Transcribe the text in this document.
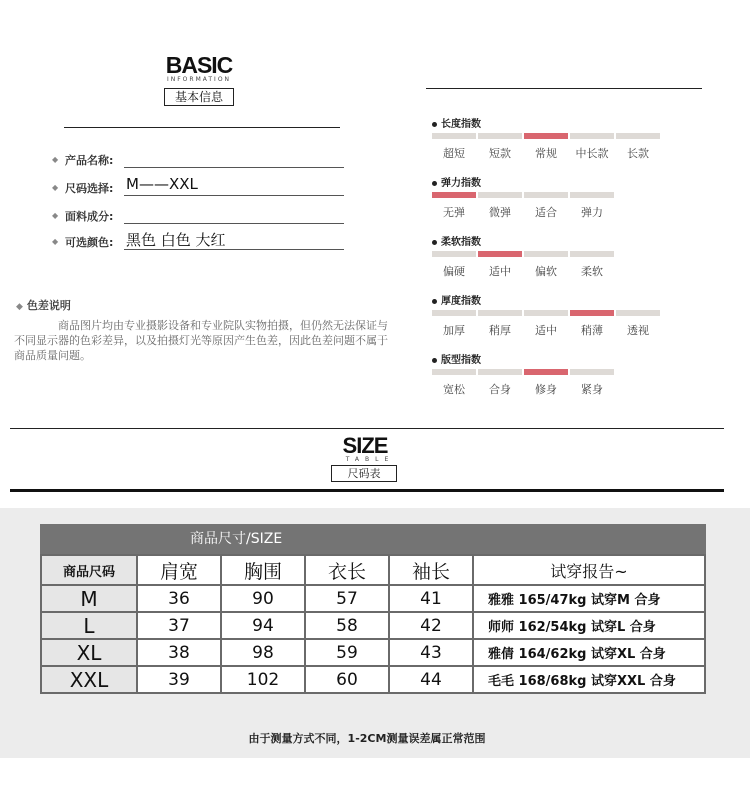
BASIC
INFORMATION
基本信息
◆ 产品名称:
◆ 尺码选择: M——XXL
◆ 面料成分:
◆ 可选颜色: 黑色 白色 大红
◆ 色差说明
　　　　商品图片均由专业摄影设备和专业院队实物拍摄，但仍然无法保证与不同显示器的色彩差异，以及拍摄灯光等原因产生色差，因此色差问题不属于商品质量问题。
长度指数
超短	短款	常规	中长款	长款
弹力指数
无弹	微弹	适合	弹力
柔软指数
偏硬	适中	偏软	柔软
厚度指数
加厚	稍厚	适中	稍薄	透视
版型指数
宽松	合身	修身	紧身
SIZE
TABLE
尺码表
商品尺寸/SIZE
商品尺码	肩宽	胸围	衣长	袖长	试穿报告~
M	36	90	57	41	雅雅 165/47kg 试穿M 合身
L	37	94	58	42	师师 162/54kg 试穿L 合身
XL	38	98	59	43	雅倩 164/62kg 试穿XL 合身
XXL	39	102	60	44	毛毛 168/68kg 试穿XXL 合身
由于测量方式不同，1-2CM测量误差属正常范围
